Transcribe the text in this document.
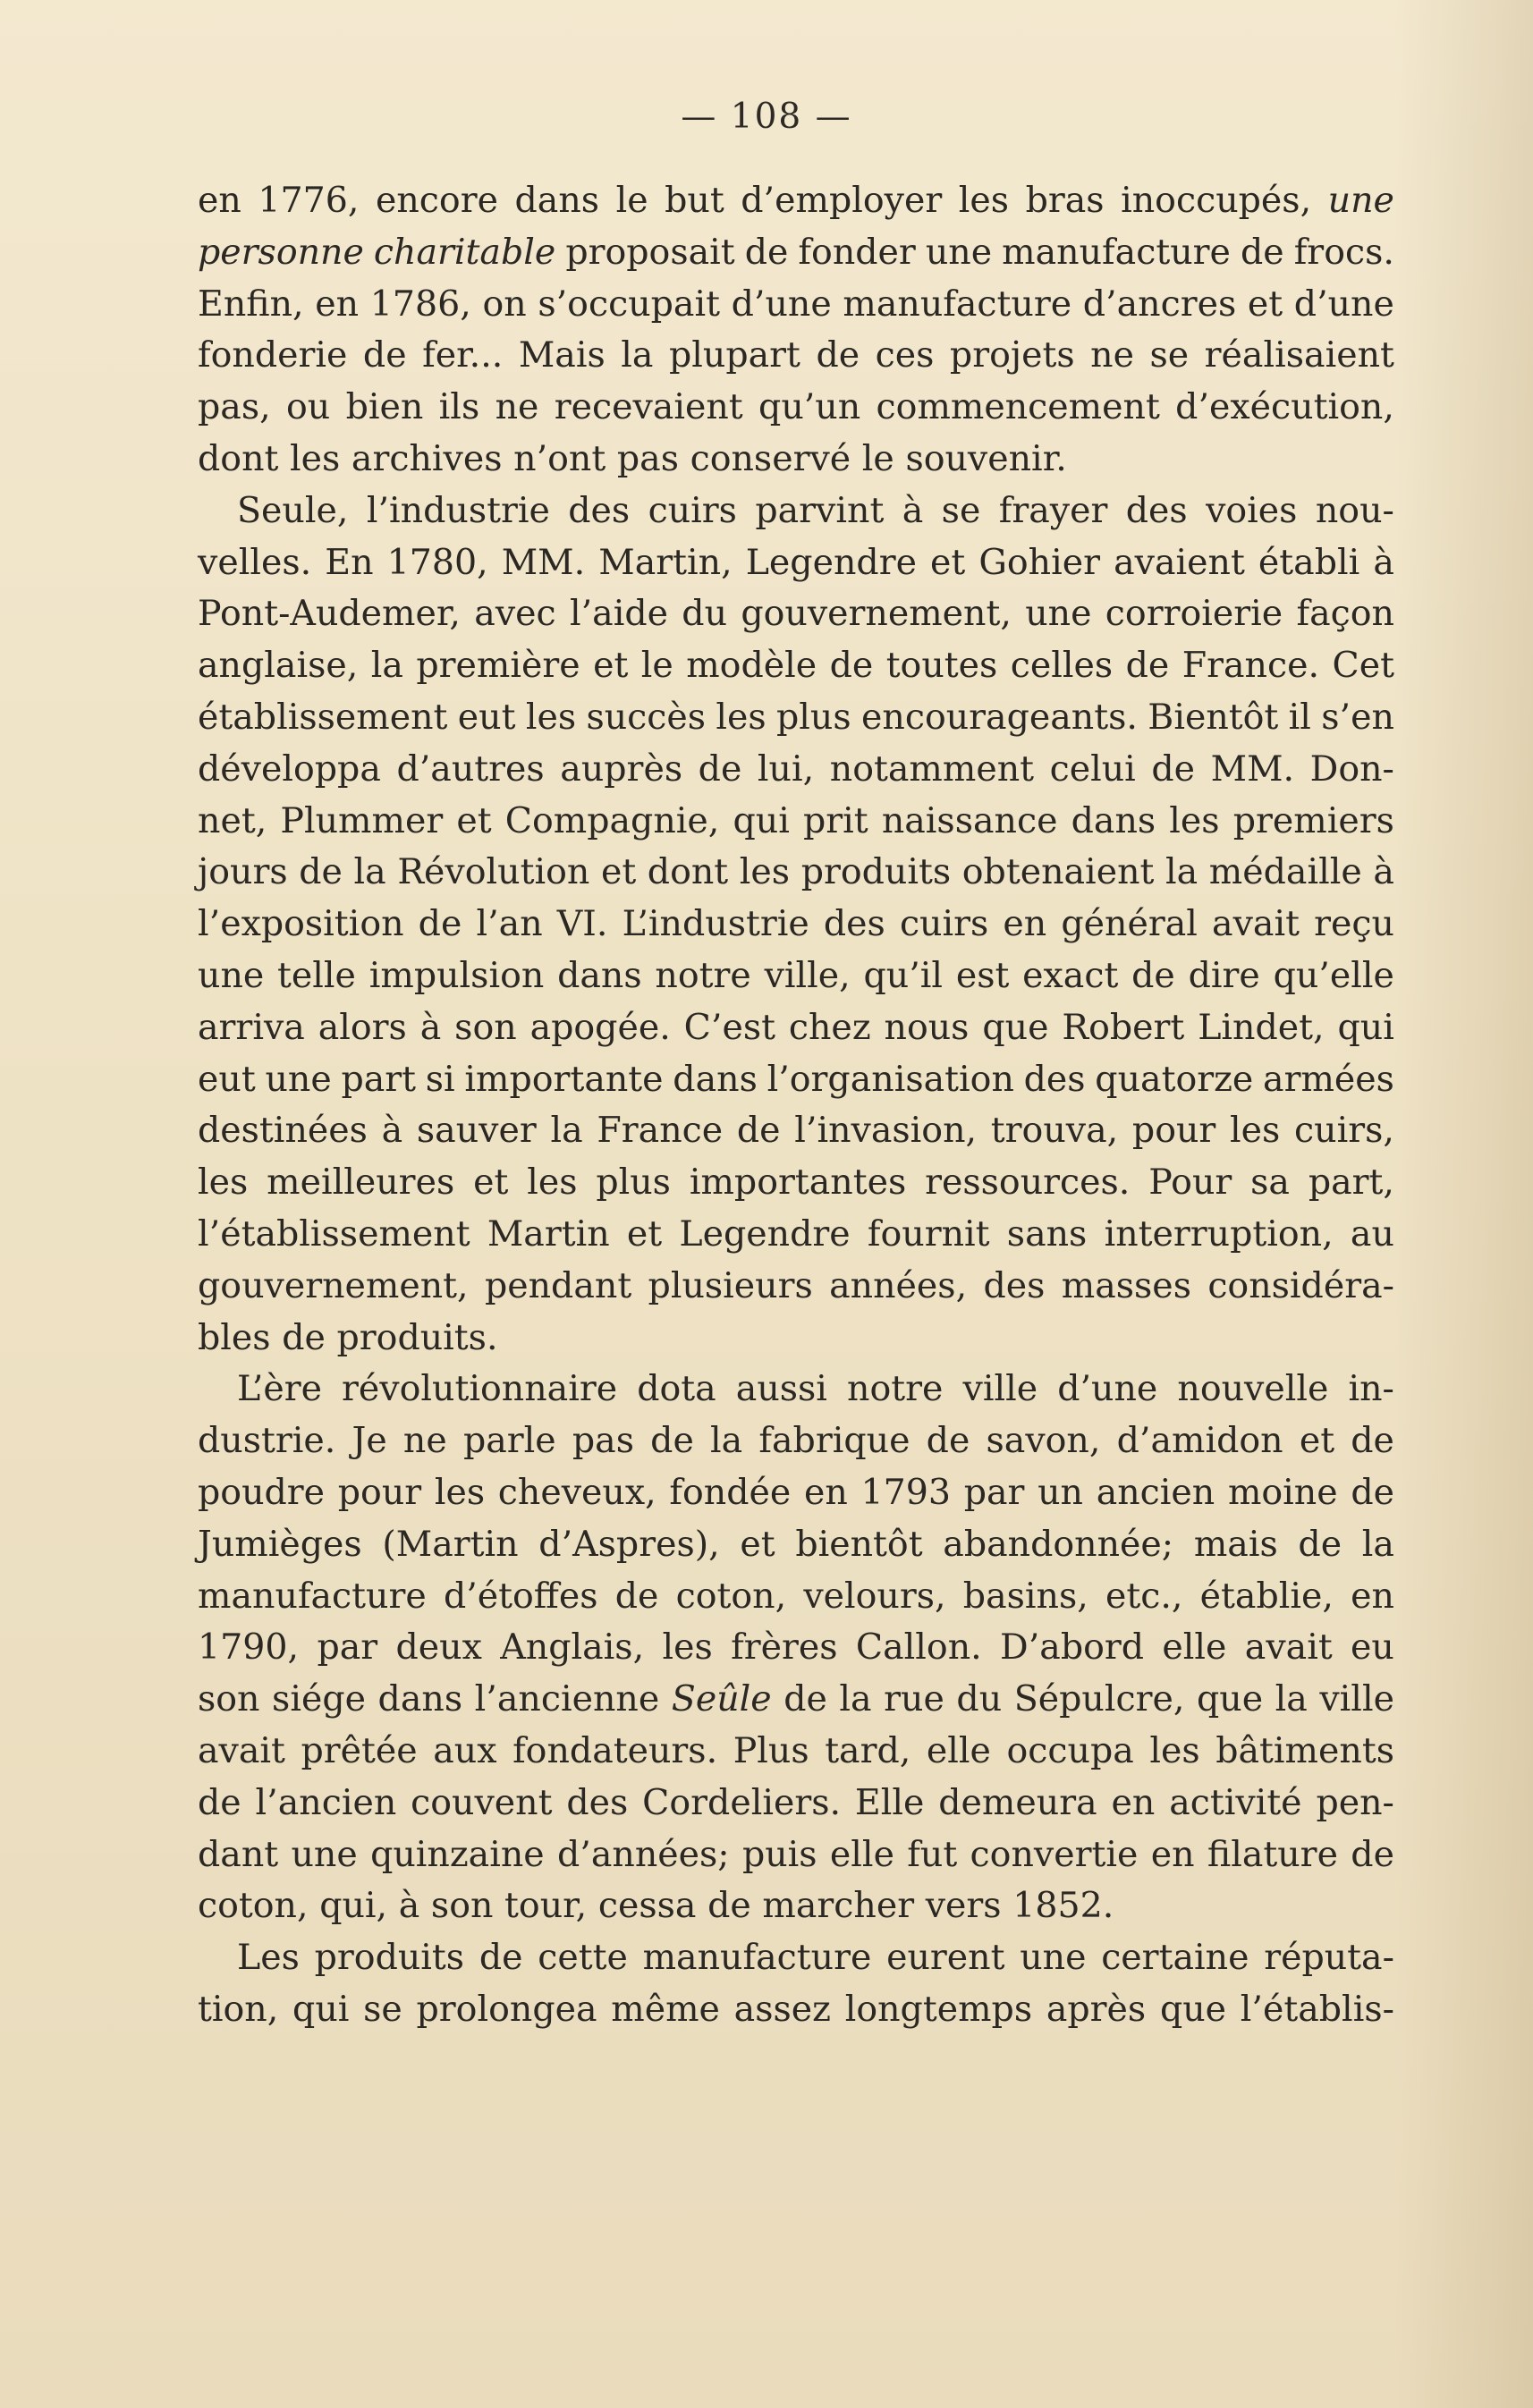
— 108 —
en 1776, encore dans le but d’employer les bras inoccupés, une
personne charitable proposait de fonder une manufacture de frocs.
Enfin, en 1786, on s’occupait d’une manufacture d’ancres et d’une
fonderie de fer... Mais la plupart de ces projets ne se réalisaient
pas, ou bien ils ne recevaient qu’un commencement d’exécution,
dont les archives n’ont pas conservé le souvenir.
Seule, l’industrie des cuirs parvint à se frayer des voies nou-
velles. En 1780, MM. Martin, Legendre et Gohier avaient établi à
Pont-Audemer, avec l’aide du gouvernement, une corroierie façon
anglaise, la première et le modèle de toutes celles de France. Cet
établissement eut les succès les plus encourageants. Bientôt il s’en
développa d’autres auprès de lui, notamment celui de MM. Don-
net, Plummer et Compagnie, qui prit naissance dans les premiers
jours de la Révolution et dont les produits obtenaient la médaille à
l’exposition de l’an VI. L’industrie des cuirs en général avait reçu
une telle impulsion dans notre ville, qu’il est exact de dire qu’elle
arriva alors à son apogée. C’est chez nous que Robert Lindet, qui
eut une part si importante dans l’organisation des quatorze armées
destinées à sauver la France de l’invasion, trouva, pour les cuirs,
les meilleures et les plus importantes ressources. Pour sa part,
l’établissement Martin et Legendre fournit sans interruption, au
gouvernement, pendant plusieurs années, des masses considéra-
bles de produits.
L’ère révolutionnaire dota aussi notre ville d’une nouvelle in-
dustrie. Je ne parle pas de la fabrique de savon, d’amidon et de
poudre pour les cheveux, fondée en 1793 par un ancien moine de
Jumièges (Martin d’Aspres), et bientôt abandonnée; mais de la
manufacture d’étoffes de coton, velours, basins, etc., établie, en
1790, par deux Anglais, les frères Callon. D’abord elle avait eu
son siége dans l’ancienne Seûle de la rue du Sépulcre, que la ville
avait prêtée aux fondateurs. Plus tard, elle occupa les bâtiments
de l’ancien couvent des Cordeliers. Elle demeura en activité pen-
dant une quinzaine d’années; puis elle fut convertie en filature de
coton, qui, à son tour, cessa de marcher vers 1852.
Les produits de cette manufacture eurent une certaine réputa-
tion, qui se prolongea même assez longtemps après que l’établis-
